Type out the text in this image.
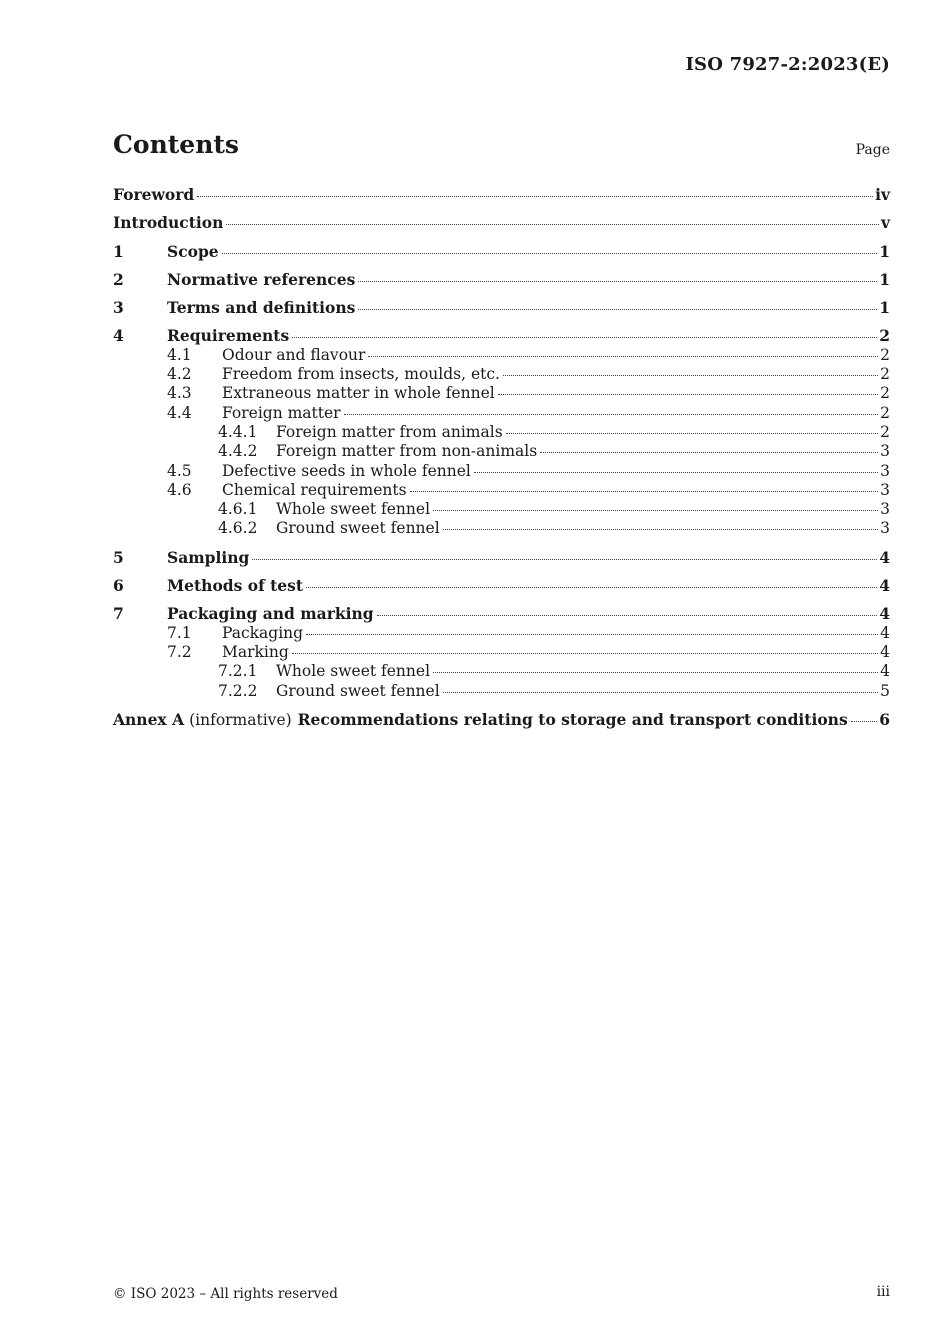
ISO 7927-2:2023(E)
Contents	Page
Foreword	iv
Introduction	v
1	Scope	1
2	Normative references	1
3	Terms and definitions	1
4	Requirements	2
4.1	Odour and flavour	2
4.2	Freedom from insects, moulds, etc.	2
4.3	Extraneous matter in whole fennel	2
4.4	Foreign matter	2
4.4.1	Foreign matter from animals	2
4.4.2	Foreign matter from non-animals	3
4.5	Defective seeds in whole fennel	3
4.6	Chemical requirements	3
4.6.1	Whole sweet fennel	3
4.6.2	Ground sweet fennel	3
5	Sampling	4
6	Methods of test	4
7	Packaging and marking	4
7.1	Packaging	4
7.2	Marking	4
7.2.1	Whole sweet fennel	4
7.2.2	Ground sweet fennel	5
Annex A (informative) Recommendations relating to storage and transport conditions 6
© ISO 2023 – All rights reserved	iii
